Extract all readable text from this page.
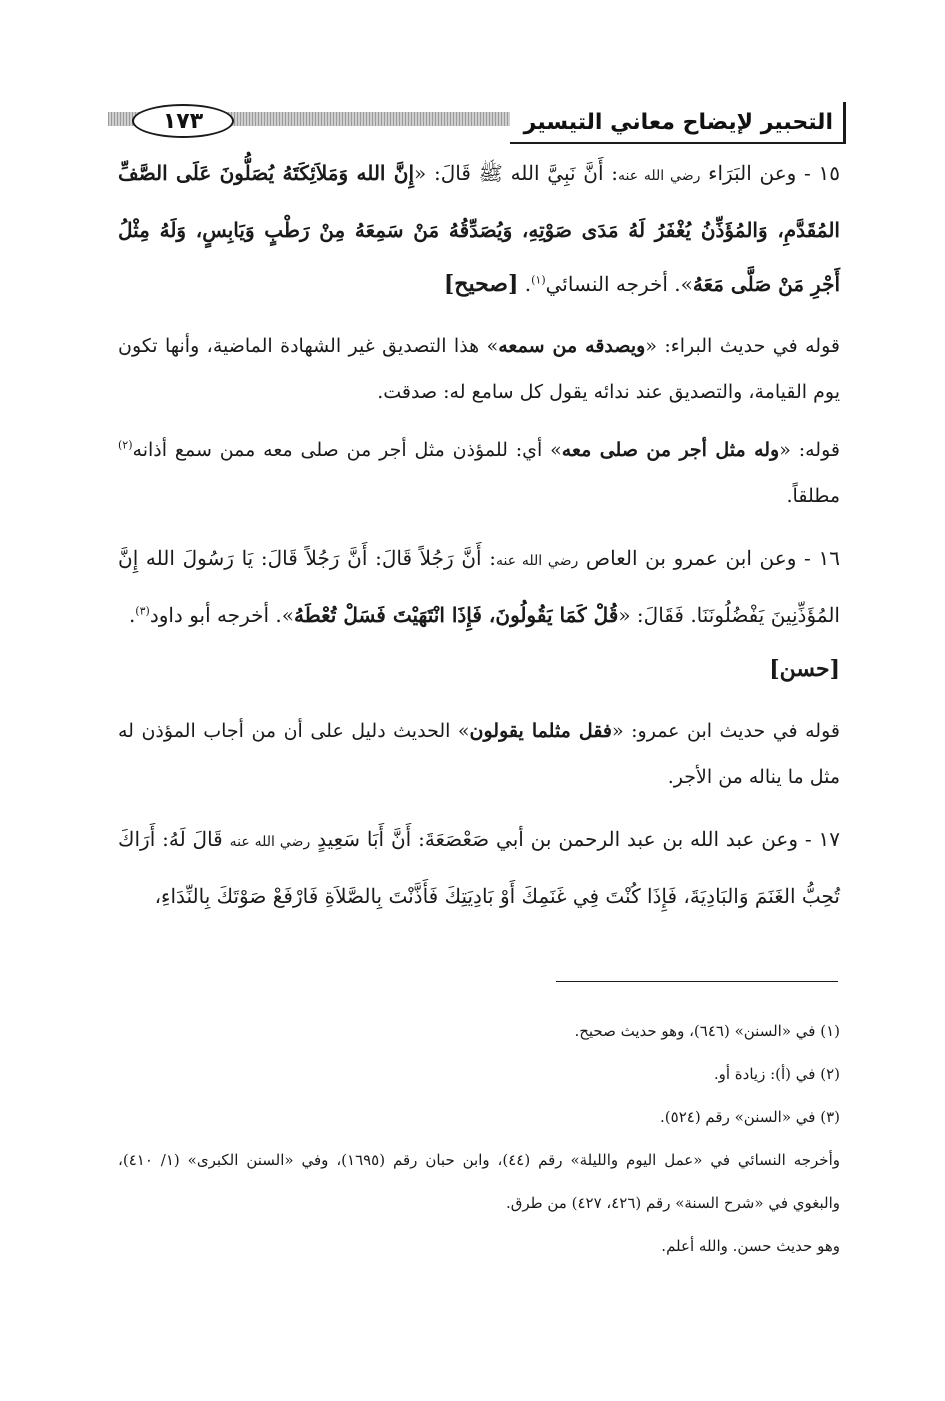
١٧٣	التحبير لإيضاح معاني التيسير

١٥ - وعن البَرَاء رضي الله عنه: أَنَّ نَبِيَّ الله ﷺ قَالَ: «إِنَّ الله وَمَلاَئِكَتَهُ يُصَلُّونَ عَلَى الصَّفِّ المُقَدَّمِ، وَالمُؤَذِّنُ يُغْفَرُ لَهُ مَدَى صَوْتِهِ، وَيُصَدِّقُهُ مَنْ سَمِعَهُ مِنْ رَطْبٍ وَيَابِسٍ، وَلَهُ مِثْلُ أَجْرِ مَنْ صَلَّى مَعَهُ». أخرجه النسائي$^{(١)}$. [صحيح]

قوله في حديث البراء: «ويصدقه من سمعه» هذا التصديق غير الشهادة الماضية، وأنها تكون يوم القيامة، والتصديق عند ندائه يقول كل سامع له: صدقت.

قوله: «وله مثل أجر من صلى معه» أي: للمؤذن مثل أجر من صلى معه ممن سمع أذانه$^{(٢)}$ مطلقاً.

١٦ - وعن ابن عمرو بن العاص رضي الله عنه: أَنَّ رَجُلاً قَالَ: أَنَّ رَجُلاً قَالَ: يَا رَسُولَ الله إِنَّ المُؤَذِّنِينَ يَفْضُلُونَنَا. فَقَالَ: «قُلْ كَمَا يَقُولُونَ، فَإِذَا انْتَهَيْتَ فَسَلْ تُعْطَهُ». أخرجه أبو داود$^{(٣)}$.
[حسن]

قوله في حديث ابن عمرو: «فقل مثلما يقولون» الحديث دليل على أن من أجاب المؤذن له مثل ما يناله من الأجر.

١٧ - وعن عبد الله بن عبد الرحمن بن أبي صَعْصَعَةَ: أَنَّ أَبَا سَعِيدٍ رضي الله عنه قَالَ لَهُ: أَرَاكَ تُحِبُّ الغَنَمَ وَالبَادِيَةَ، فَإِذَا كُنْتَ فِي غَنَمِكَ أَوْ بَادِيَتِكَ فَأَذَّنْتَ بِالصَّلاَةِ فَارْفَعْ صَوْتَكَ بِالنِّدَاءِ،

(١) في «السنن» (٦٤٦)، وهو حديث صحيح.

(٢) في (أ): زيادة أو.

(٣) في «السنن» رقم (٥٢٤).

وأخرجه النسائي في «عمل اليوم والليلة» رقم (٤٤)، وابن حبان رقم (١٦٩٥)، وفي «السنن الكبرى» (١/ ٤١٠)، والبغوي في «شرح السنة» رقم (٤٢٦، ٤٢٧) من طرق.

وهو حديث حسن. والله أعلم.
